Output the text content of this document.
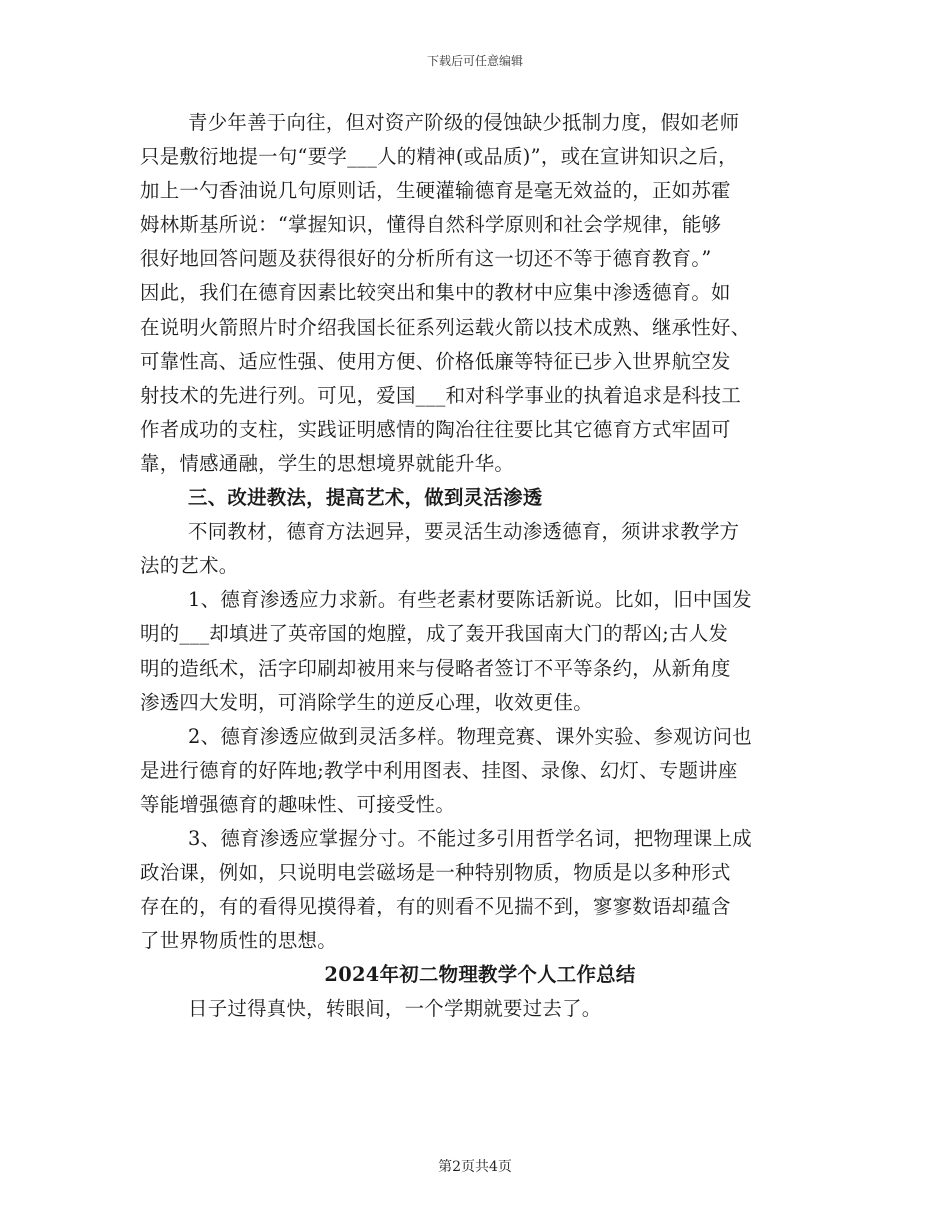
下载后可任意编辑
青少年善于向往，但对资产阶级的侵蚀缺少抵制力度，假如老师
只是敷衍地提一句“要学___人的精神(或品质)”，或在宣讲知识之后，
加上一勺香油说几句原则话，生硬灌输德育是毫无效益的，正如苏霍
姆林斯基所说：“掌握知识，懂得自然科学原则和社会学规律，能够
很好地回答问题及获得很好的分析所有这一切还不等于德育教育。”
因此，我们在德育因素比较突出和集中的教材中应集中渗透德育。如
在说明火箭照片时介绍我国长征系列运载火箭以技术成熟、继承性好、
可靠性高、适应性强、使用方便、价格低廉等特征已步入世界航空发
射技术的先进行列。可见，爱国___和对科学事业的执着追求是科技工
作者成功的支柱，实践证明感情的陶冶往往要比其它德育方式牢固可
靠，情感通融，学生的思想境界就能升华。
三、改进教法，提高艺术，做到灵活渗透
不同教材，德育方法迥异，要灵活生动渗透德育，须讲求教学方
法的艺术。
1、德育渗透应力求新。有些老素材要陈话新说。比如，旧中国发
明的___却填进了英帝国的炮膛，成了轰开我国南大门的帮凶;古人发
明的造纸术，活字印刷却被用来与侵略者签订不平等条约，从新角度
渗透四大发明，可消除学生的逆反心理，收效更佳。
2、德育渗透应做到灵活多样。物理竞赛、课外实验、参观访问也
是进行德育的好阵地;教学中利用图表、挂图、录像、幻灯、专题讲座
等能增强德育的趣味性、可接受性。
3、德育渗透应掌握分寸。不能过多引用哲学名词，把物理课上成
政治课，例如，只说明电尝磁场是一种特别物质，物质是以多种形式
存在的，有的看得见摸得着，有的则看不见揣不到，寥寥数语却蕴含
了世界物质性的思想。
2024年初二物理教学个人工作总结
日子过得真快，转眼间，一个学期就要过去了。
第2页共4页
